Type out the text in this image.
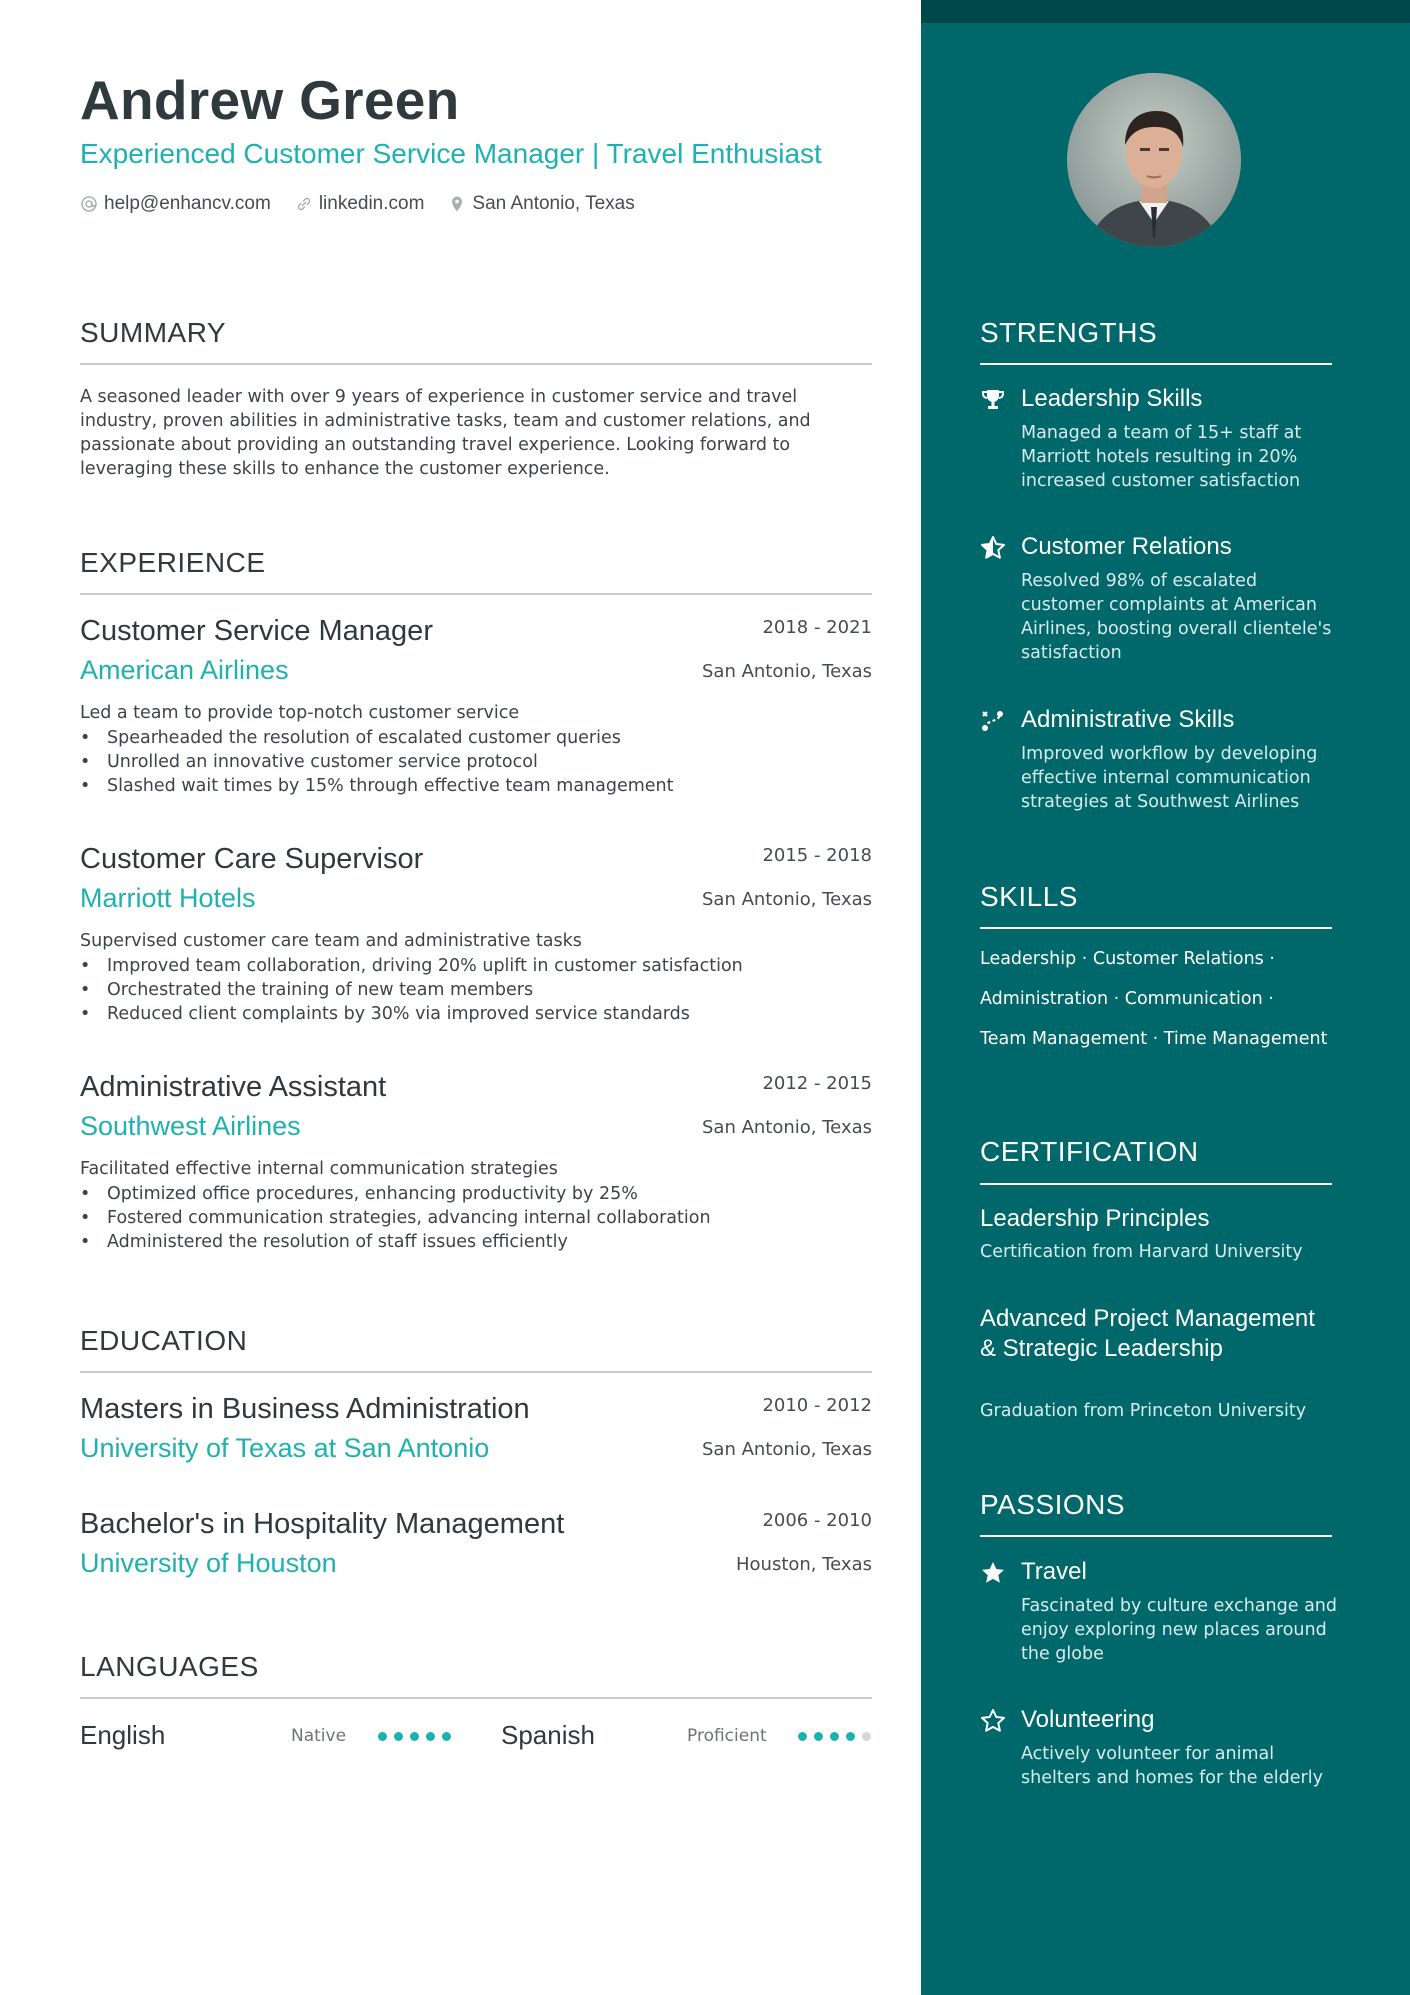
Andrew Green
Experienced Customer Service Manager | Travel Enthusiast
help@enhancv.com	linkedin.com	San Antonio, Texas
SUMMARY
A seasoned leader with over 9 years of experience in customer service and travel industry, proven abilities in administrative tasks, team and customer relations, and passionate about providing an outstanding travel experience. Looking forward to leveraging these skills to enhance the customer experience.
EXPERIENCE
Customer Service Manager	2018 - 2021
American Airlines	San Antonio, Texas
Led a team to provide top-notch customer service
• Spearheaded the resolution of escalated customer queries
• Unrolled an innovative customer service protocol
• Slashed wait times by 15% through effective team management
Customer Care Supervisor	2015 - 2018
Marriott Hotels	San Antonio, Texas
Supervised customer care team and administrative tasks
• Improved team collaboration, driving 20% uplift in customer satisfaction
• Orchestrated the training of new team members
• Reduced client complaints by 30% via improved service standards
Administrative Assistant	2012 - 2015
Southwest Airlines	San Antonio, Texas
Facilitated effective internal communication strategies
• Optimized office procedures, enhancing productivity by 25%
• Fostered communication strategies, advancing internal collaboration
• Administered the resolution of staff issues efficiently
EDUCATION
Masters in Business Administration	2010 - 2012
University of Texas at San Antonio	San Antonio, Texas
Bachelor's in Hospitality Management	2006 - 2010
University of Houston	Houston, Texas
LANGUAGES
English	Native	Spanish	Proficient
STRENGTHS
Leadership Skills
Managed a team of 15+ staff at Marriott hotels resulting in 20% increased customer satisfaction
Customer Relations
Resolved 98% of escalated customer complaints at American Airlines, boosting overall clientele's satisfaction
Administrative Skills
Improved workflow by developing effective internal communication strategies at Southwest Airlines
SKILLS
Leadership · Customer Relations ·
Administration · Communication ·
Team Management · Time Management
CERTIFICATION
Leadership Principles
Certification from Harvard University
Advanced Project Management & Strategic Leadership
Graduation from Princeton University
PASSIONS
Travel
Fascinated by culture exchange and enjoy exploring new places around the globe
Volunteering
Actively volunteer for animal shelters and homes for the elderly
